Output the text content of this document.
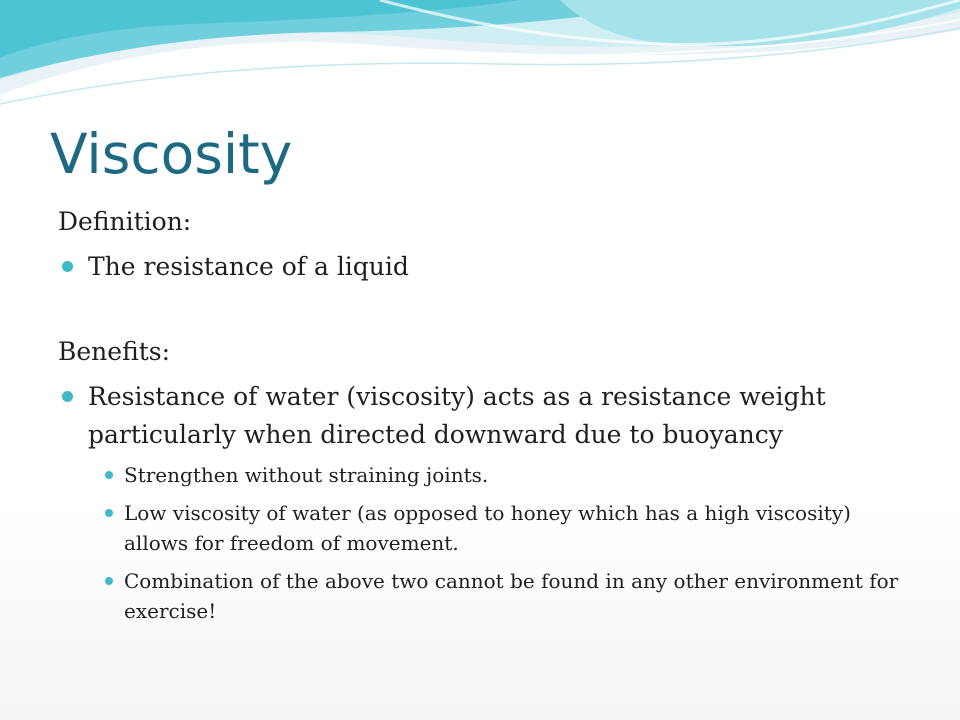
Viscosity

Definition:

The resistance of a liquid

Benefits:

Resistance of water (viscosity) acts as a resistance weight particularly when directed downward due to buoyancy
Strengthen without straining joints.
Low viscosity of water (as opposed to honey which has a high viscosity) allows for freedom of movement.
Combination of the above two cannot be found in any other environment for exercise!
